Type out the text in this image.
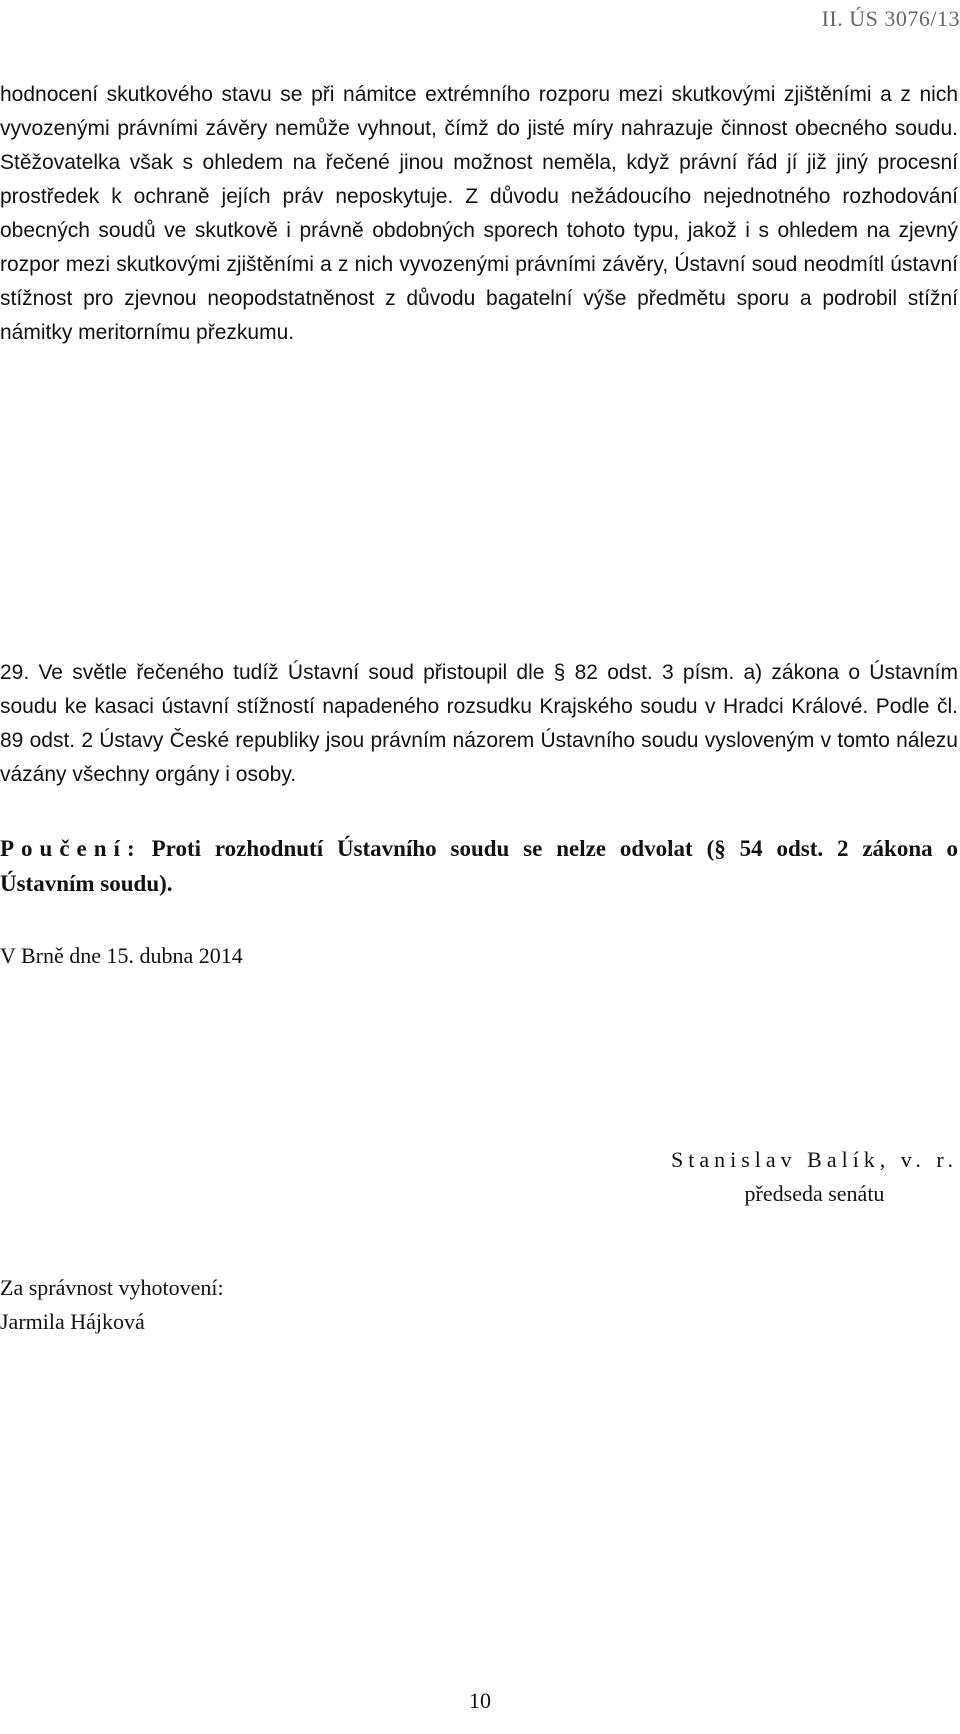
II. ÚS 3076/13

hodnocení skutkového stavu se při námitce extrémního rozporu mezi skutkovými zjištěními a z nich vyvozenými právními závěry nemůže vyhnout, čímž do jisté míry nahrazuje činnost obecného soudu. Stěžovatelka však s ohledem na řečené jinou možnost neměla, když právní řád jí již jiný procesní prostředek k ochraně jejích práv neposkytuje. Z důvodu nežádoucího nejednotného rozhodování obecných soudů ve skutkově i právně obdobných sporech tohoto typu, jakož i s ohledem na zjevný rozpor mezi skutkovými zjištěními a z nich vyvozenými právními závěry, Ústavní soud neodmítl ústavní stížnost pro zjevnou neopodstatněnost z důvodu bagatelní výše předmětu sporu a podrobil stížní námitky meritornímu přezkumu.

29. Ve světle řečeného tudíž Ústavní soud přistoupil dle § 82 odst. 3 písm. a) zákona o Ústavním soudu ke kasaci ústavní stížností napadeného rozsudku Krajského soudu v Hradci Králové. Podle čl. 89 odst. 2 Ústavy České republiky jsou právním názorem Ústavního soudu vysloveným v tomto nálezu vázány všechny orgány i osoby.

Poučení: Proti rozhodnutí Ústavního soudu se nelze odvolat (§ 54 odst. 2 zákona o Ústavním soudu).
V Brně dne 15. dubna 2014
Stanislav Balík, v. r.
předseda senátu
Za správnost vyhotovení:
Jarmila Hájková
10
